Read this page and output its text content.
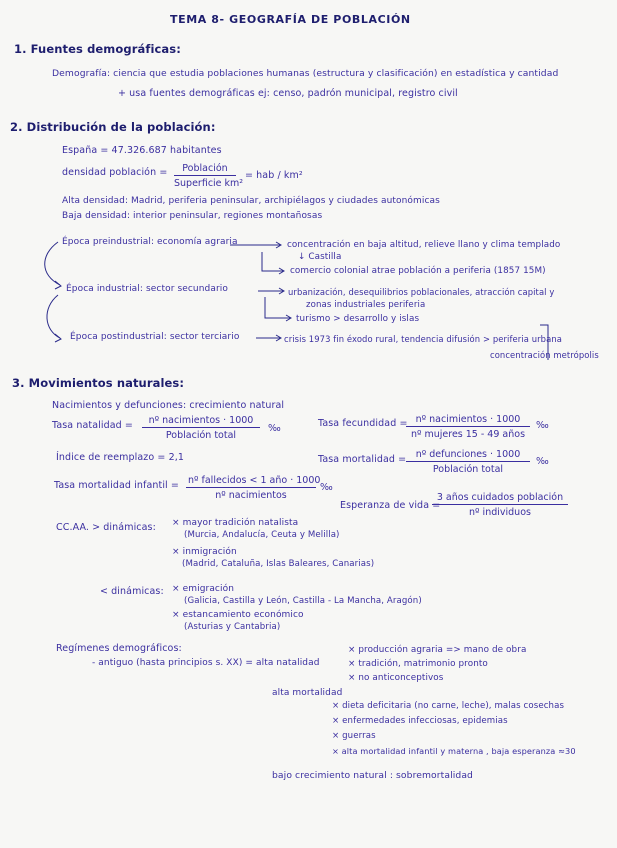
TEMA 8- GEOGRAFÍA DE POBLACIÓN
1. Fuentes demográficas:
Demografía: ciencia que estudia poblaciones humanas (estructura y clasificación) en estadística y cantidad
+ usa fuentes demográficas ej: censo, padrón municipal, registro civil
2. Distribución de la población:
España = 47.326.687 habitantes
densidad población =	Población
Superficie km²
= hab / km²
Alta densidad: Madrid, periferia peninsular, archipiélagos y ciudades autonómicas
Baja densidad: interior peninsular, regiones montañosas
Época preindustrial: economía agraria	concentración en baja altitud, relieve llano y clima templado
↓ Castilla
comercio colonial atrae población a periferia (1857 15M)
Época industrial: sector secundario	urbanización, desequilibrios poblacionales, atracción capital y
zonas industriales periferia
turismo > desarrollo y islas
Época postindustrial: sector terciario	crisis 1973 fin éxodo rural, tendencia difusión > periferia urbana
concentración metrópolis
3. Movimientos naturales:
Nacimientos y defunciones: crecimiento natural
Tasa natalidad =	nº nacimientos · 1000
Población total
‰	Tasa fecundidad = nº nacimientos · 1000
nº mujeres 15 - 49 años
‰
Índice de reemplazo = 2,1	Tasa mortalidad =	nº defunciones · 1000
Población total
‰
Tasa mortalidad infantil = nº fallecidos < 1 año · 1000
nº nacimientos
‰
Esperanza de vida =
3 años cuidados población
nº individuos
CC.AA. > dinámicas: × mayor tradición natalista
(Murcia, Andalucía, Ceuta y Melilla)
× inmigración
(Madrid, Cataluña, Islas Baleares, Canarias)
< dinámicas: × emigración
(Galicia, Castilla y León, Castilla - La Mancha, Aragón)
× estancamiento económico
(Asturias y Cantabria)
Regímenes demográficos:
- antiguo (hasta principios s. XX) = alta natalidad
× producción agraria => mano de obra
× tradición, matrimonio pronto
× no anticonceptivos
alta mortalidad
× dieta deficitaria (no carne, leche), malas cosechas
× enfermedades infecciosas, epidemias
× guerras
× alta mortalidad infantil y materna , baja esperanza ≈30
bajo crecimiento natural : sobremortalidad
